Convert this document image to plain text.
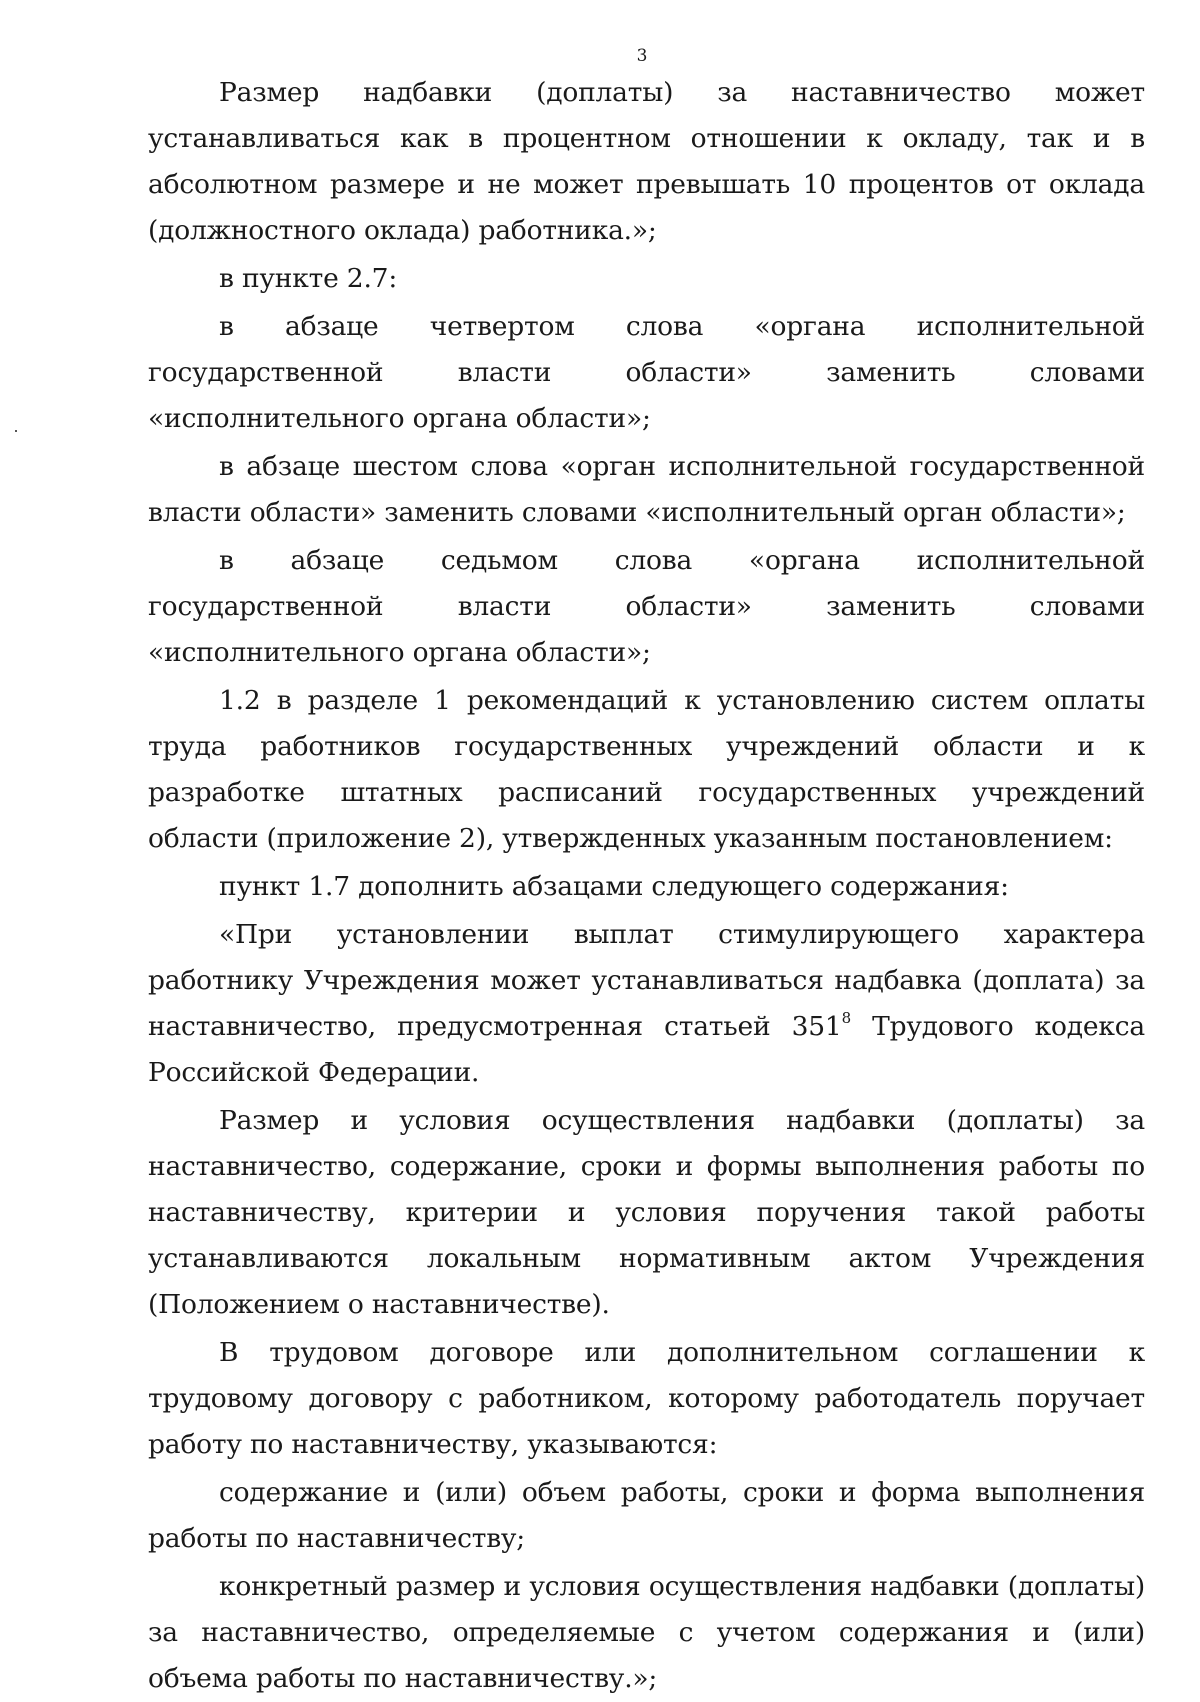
3

Размер надбавки (доплаты) за наставничество может устанавливаться как в процентном отношении к окладу, так и в абсолютном размере и не может превышать 10 процентов от оклада (должностного оклада) работника.»;

в пункте 2.7:

в абзаце четвертом слова «органа исполнительной государственной власти области» заменить словами «исполнительного органа области»;

в абзаце шестом слова «орган исполнительной государственной власти области» заменить словами «исполнительный орган области»;

в абзаце седьмом слова «органа исполнительной государственной власти области» заменить словами «исполнительного органа области»;

1.2 в разделе 1 рекомендаций к установлению систем оплаты труда работников государственных учреждений области и к разработке штатных расписаний государственных учреждений области (приложение 2), утвержденных указанным постановлением:

пункт 1.7 дополнить абзацами следующего содержания:

«При установлении выплат стимулирующего характера работнику Учреждения может устанавливаться надбавка (доплата) за наставничество, предусмотренная статьей $351^8$ Трудового кодекса Российской Федерации.

Размер и условия осуществления надбавки (доплаты) за наставничество, содержание, сроки и формы выполнения работы по наставничеству, критерии и условия поручения такой работы устанавливаются локальным нормативным актом Учреждения (Положением о наставничестве).

В трудовом договоре или дополнительном соглашении к трудовому договору с работником, которому работодатель поручает работу по наставничеству, указываются:

содержание и (или) объем работы, сроки и форма выполнения работы по наставничеству;

конкретный размер и условия осуществления надбавки (доплаты) за наставничество, определяемые с учетом содержания и (или) объема работы по наставничеству.»;
